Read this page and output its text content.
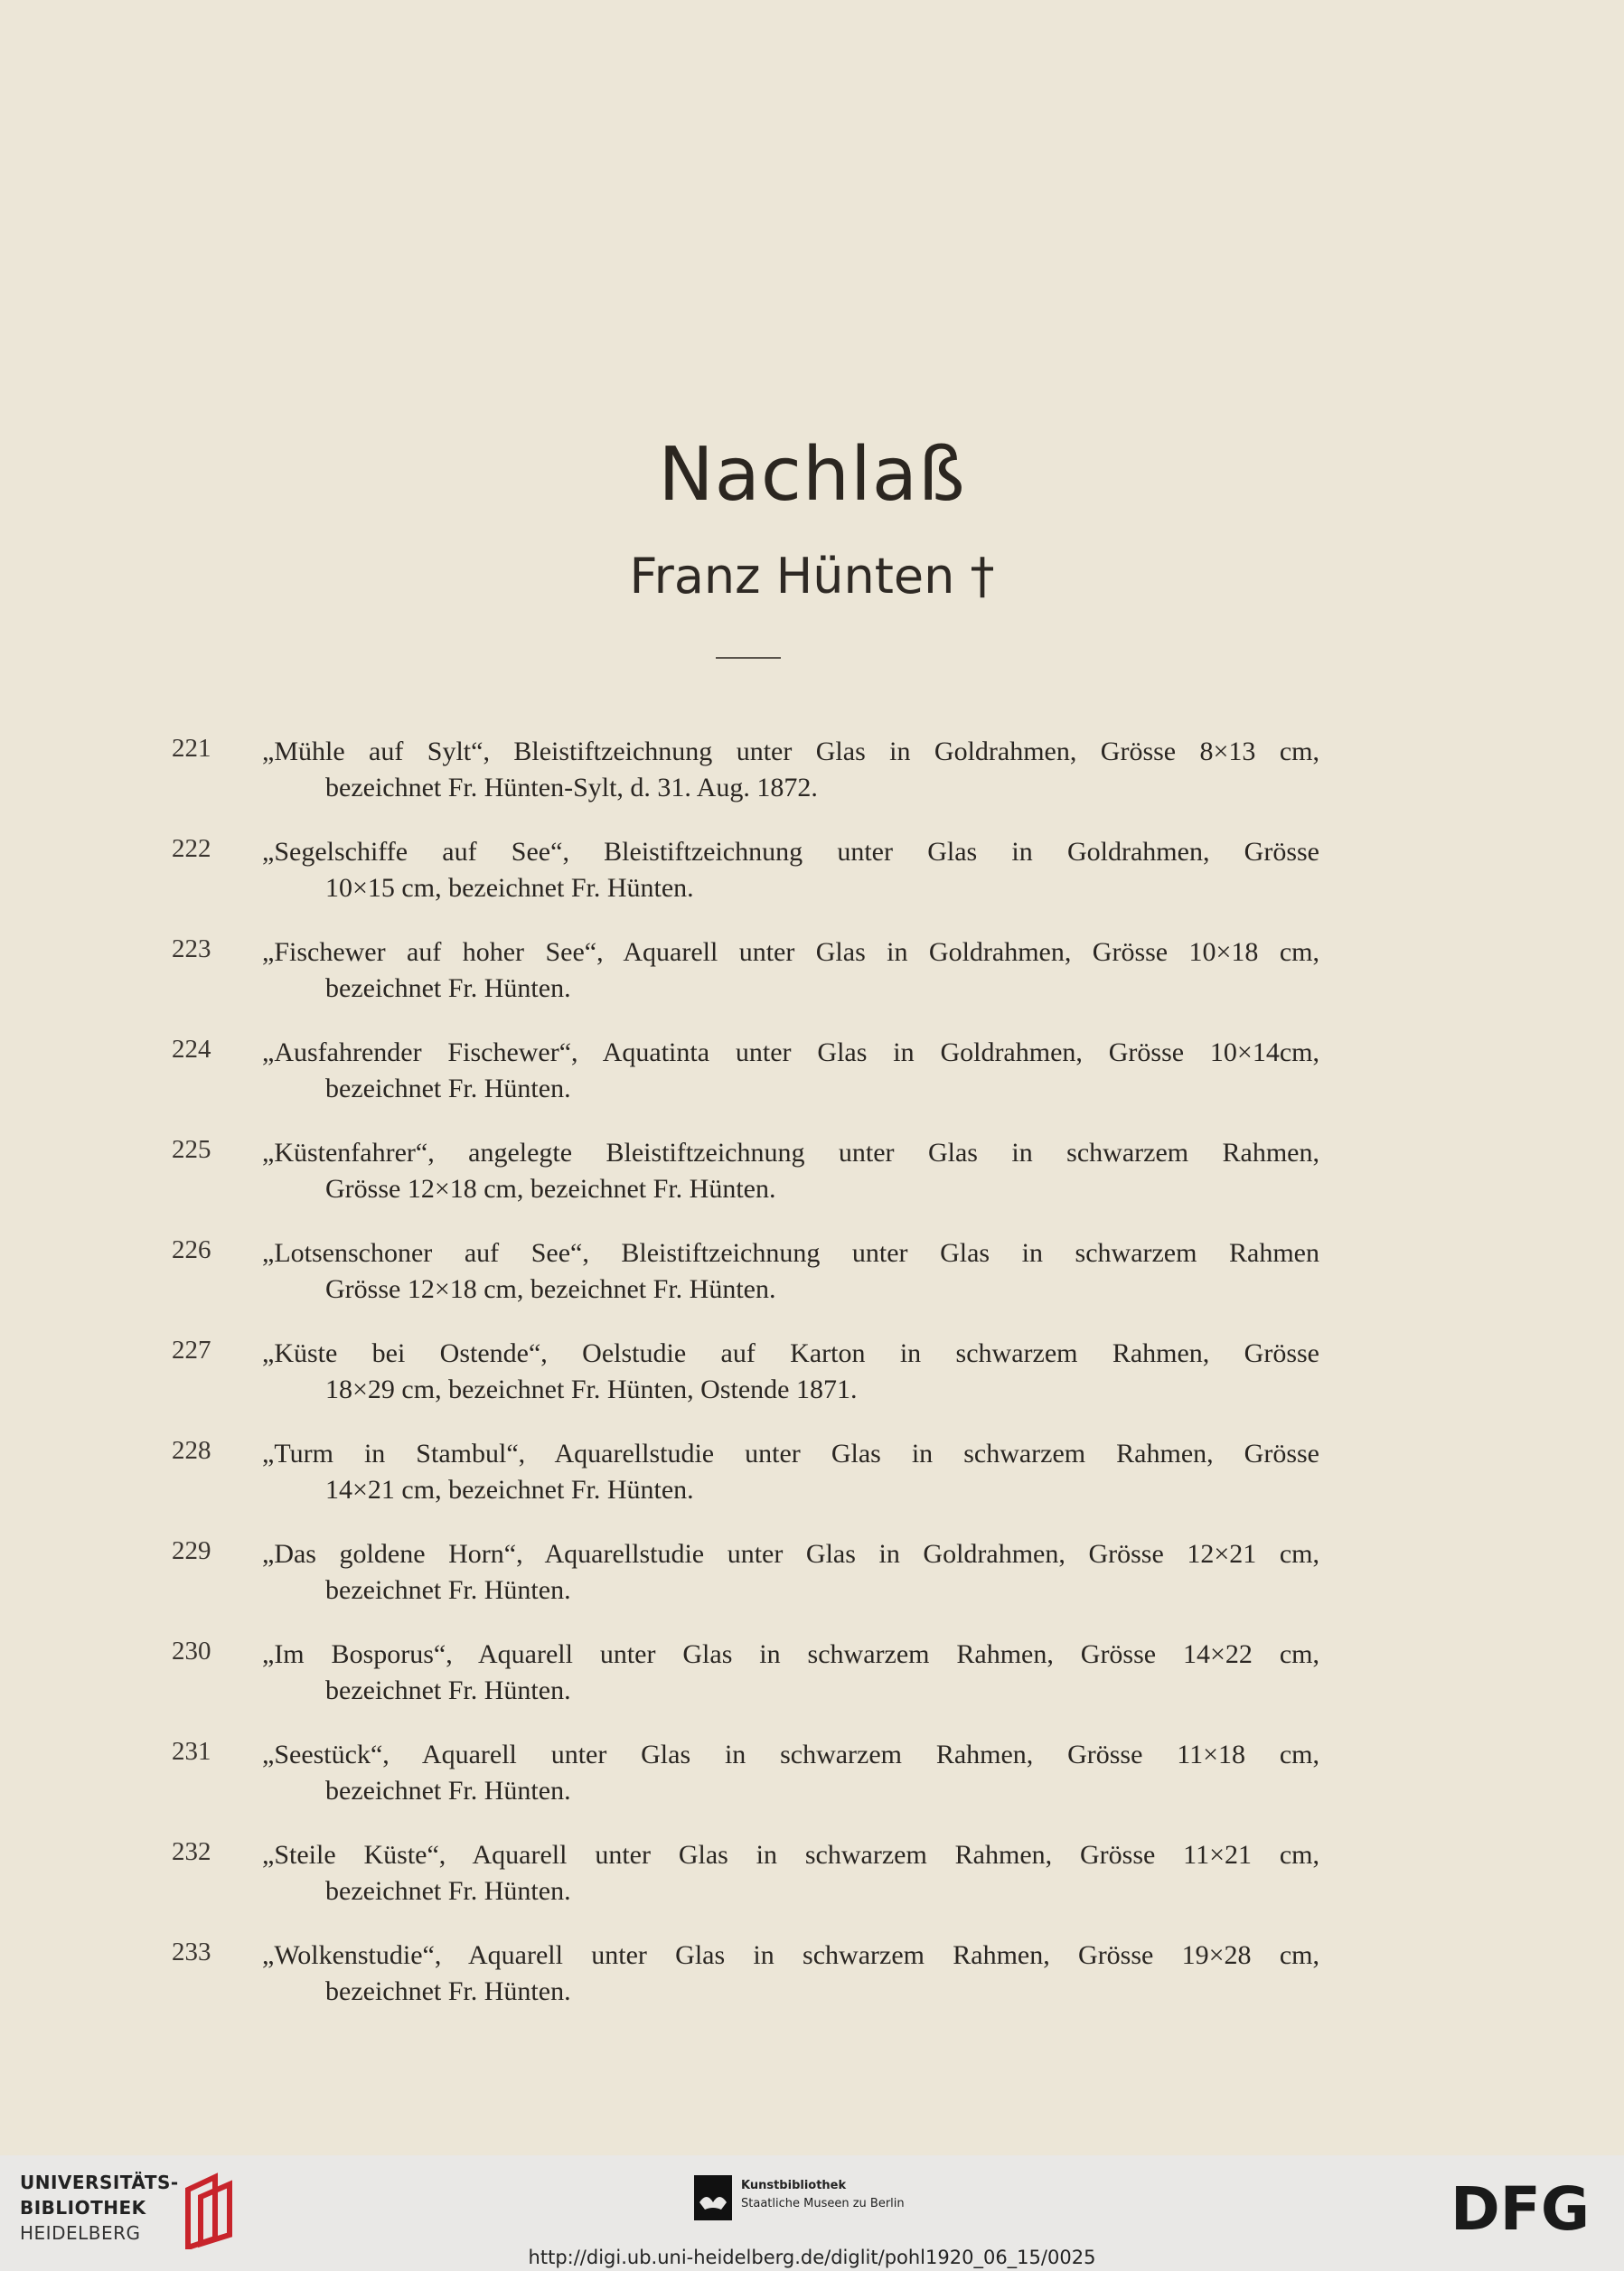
Nachlaß
Franz Hünten †
221	„Mühle auf Sylt“, Bleistiftzeichnung unter Glas in Goldrahmen, Grösse 8×13 cm,
bezeichnet Fr. Hünten-Sylt, d. 31. Aug. 1872.
222	„Segelschiffe auf See“, Bleistiftzeichnung unter Glas in Goldrahmen, Grösse
10×15 cm, bezeichnet Fr. Hünten.
223	„Fischewer auf hoher See“, Aquarell unter Glas in Goldrahmen, Grösse 10×18 cm,
bezeichnet Fr. Hünten.
224	„Ausfahrender Fischewer“, Aquatinta unter Glas in Goldrahmen, Grösse 10×14cm,
bezeichnet Fr. Hünten.
225	„Küstenfahrer“, angelegte Bleistiftzeichnung unter Glas in schwarzem Rahmen,
Grösse 12×18 cm, bezeichnet Fr. Hünten.
226	„Lotsenschoner auf See“, Bleistiftzeichnung unter Glas in schwarzem Rahmen
Grösse 12×18 cm, bezeichnet Fr. Hünten.
227	„Küste bei Ostende“, Oelstudie auf Karton in schwarzem Rahmen, Grösse
18×29 cm, bezeichnet Fr. Hünten, Ostende 1871.
228	„Turm in Stambul“, Aquarellstudie unter Glas in schwarzem Rahmen, Grösse
14×21 cm, bezeichnet Fr. Hünten.
229	„Das goldene Horn“, Aquarellstudie unter Glas in Goldrahmen, Grösse 12×21 cm,
bezeichnet Fr. Hünten.
230	„Im Bosporus“, Aquarell unter Glas in schwarzem Rahmen, Grösse 14×22 cm,
bezeichnet Fr. Hünten.
231	„Seestück“, Aquarell unter Glas in schwarzem Rahmen, Grösse 11×18 cm,
bezeichnet Fr. Hünten.
232	„Steile Küste“, Aquarell unter Glas in schwarzem Rahmen, Grösse 11×21 cm,
bezeichnet Fr. Hünten.
233	„Wolkenstudie“, Aquarell unter Glas in schwarzem Rahmen, Grösse 19×28 cm,
bezeichnet Fr. Hünten.
UNIVERSITÄTS-
BIBLIOTHEK
HEIDELBERG
Kunstbibliothek
Staatliche Museen zu Berlin	DFG
http://digi.ub.uni-heidelberg.de/diglit/pohl1920_06_15/0025
